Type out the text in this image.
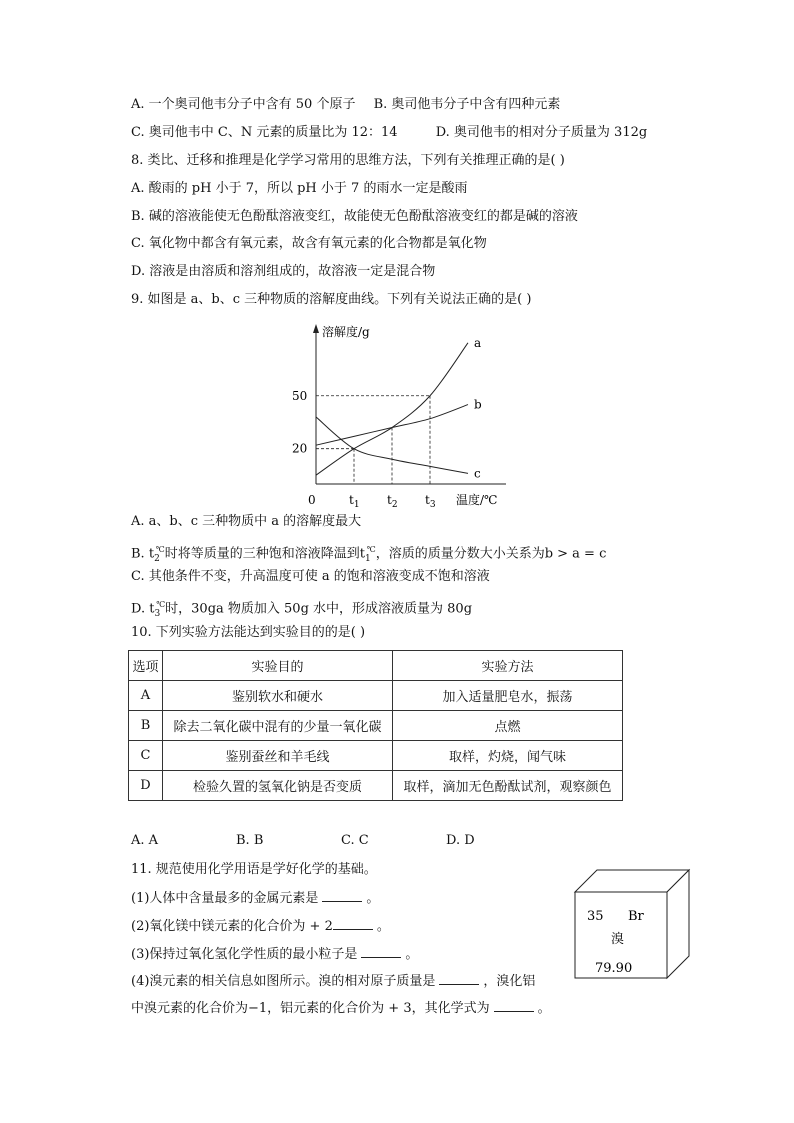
A. 一个奥司他韦分子中含有 50 个原子 B. 奥司他韦分子中含有四种元素
C. 奥司他韦中 C、N 元素的质量比为 12：14	D. 奥司他韦的相对分子质量为 312g
8. 类比、迁移和推理是化学学习常用的思维方法，下列有关推理正确的是( )
A. 酸雨的 pH 小于 7，所以 pH 小于 7 的雨水一定是酸雨
B. 碱的溶液能使无色酚酞溶液变红，故能使无色酚酞溶液变红的都是碱的溶液
C. 氧化物中都含有氧元素，故含有氧元素的化合物都是氧化物
D. 溶液是由溶质和溶剂组成的，故溶液一定是混合物
9. 如图是 a、b、c 三种物质的溶解度曲线。下列有关说法正确的是( )
a
b
c
溶解度/g
50
20
0	$t_1$ $t_2$ $t_3$ 温度/℃
A. a、b、c 三种物质中 a 的溶解度最大
B. $t_2^℃$时将等质量的三种饱和溶液降温到$t_1^℃$，溶质的质量分数大小关系为b > a = c
C. 其他条件不变，升高温度可使 a 的饱和溶液变成不饱和溶液
D. $t_3^℃$时，30ga 物质加入 50g 水中，形成溶液质量为 80g
10. 下列实验方法能达到实验目的的是( )
选项	实验目的	实验方法
A	鉴别软水和硬水	加入适量肥皂水，振荡
B	除去二氧化碳中混有的少量一氧化碳	点燃
C	鉴别蚕丝和羊毛线	取样，灼烧，闻气味
D	检验久置的氢氧化钠是否变质	取样，滴加无色酚酞试剂，观察颜色
A. A	B. B	C. C	D. D
11. 规范使用化学用语是学好化学的基础。
(1)人体中含量最多的金属元素是	。
(2)氧化镁中镁元素的化合价为 + 2	。
(3)保持过氧化氢化学性质的最小粒子是	。
(4)溴元素的相关信息如图所示。溴的相对原子质量是	，溴化铝
中溴元素的化合价为−1，铝元素的化合价为 + 3，其化学式为	。
35 Br
溴
79.90
